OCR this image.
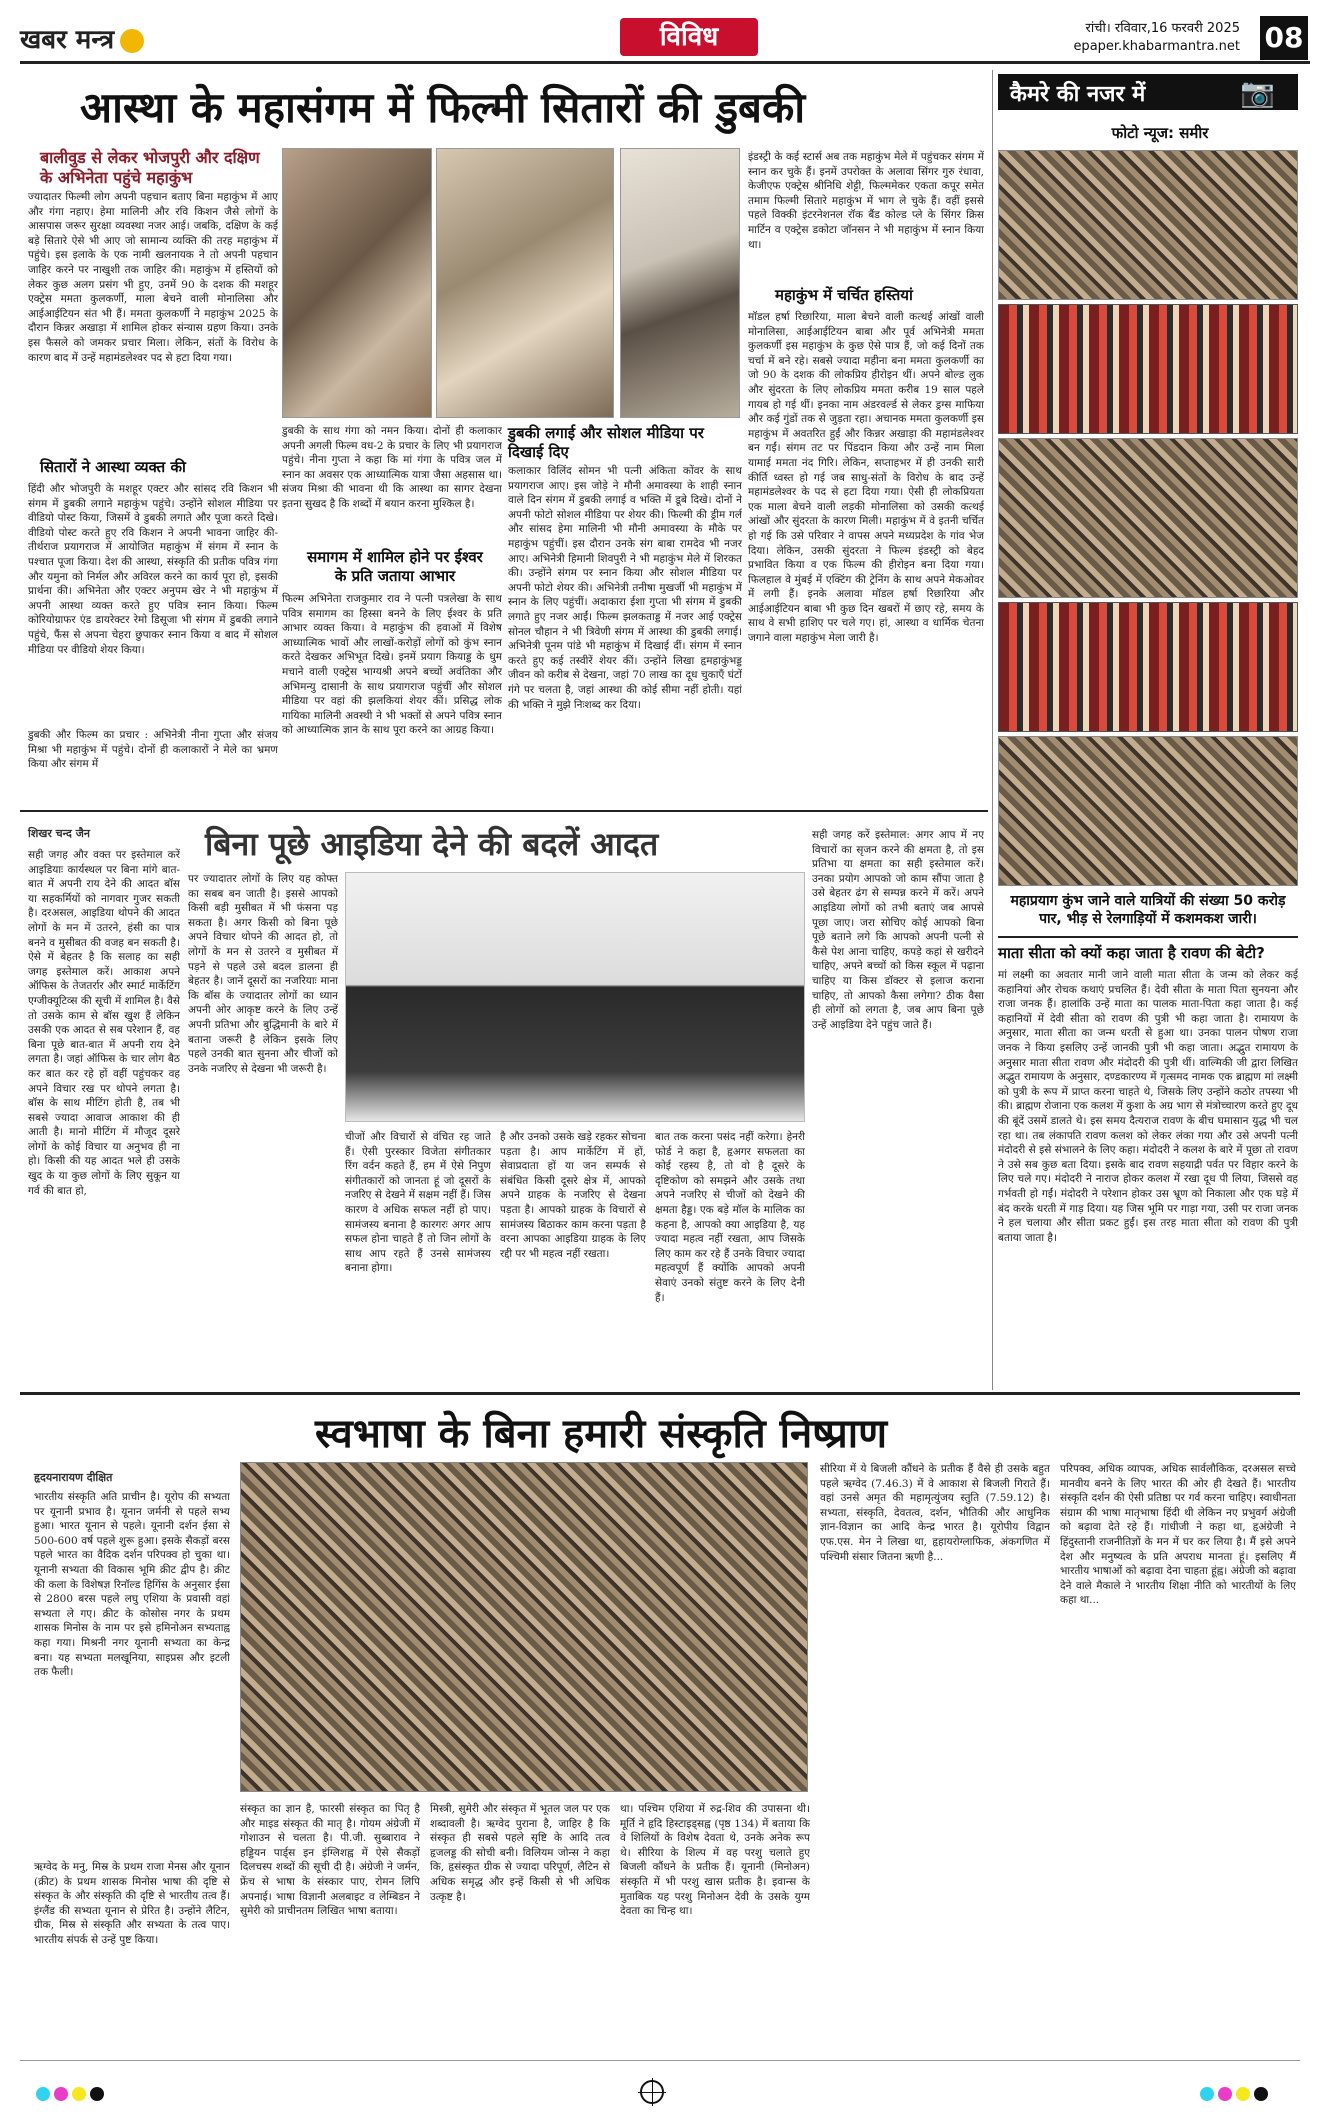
खबर मन्त्र	विविध	रांची। रविवार,16 फरवरी 2025
epaper.khabarmantra.net 08
आस्था के महासंगम में फिल्मी सितारों की डुबकी
बालीवुड से लेकर भोजपुरी और दक्षिण के अभिनेता पहुंचे महाकुंभ
ज्यादातर फिल्मी लोग अपनी पहचान बताए बिना महाकुंभ में आए और गंगा नहाए। हेमा मालिनी और रवि किशन जैसे लोगों के आसपास जरूर सुरक्षा व्यवस्था नजर आई। जबकि, दक्षिण के कई बड़े सितारे ऐसे भी आए जो सामान्य व्यक्ति की तरह महाकुंभ में पहुंचे। इस इलाके के एक नामी खलनायक ने तो अपनी पहचान जाहिर करने पर नाखुशी तक जाहिर की। महाकुंभ में हस्तियों को लेकर कुछ अलग प्रसंग भी हुए, उनमें 90 के दशक की मशहूर एक्ट्रेस ममता कुलकर्णी, माला बेचने वाली मोनालिसा और आईआईटियन संत भी हैं। ममता कुलकर्णी ने महाकुंभ 2025 के दौरान किन्नर अखाड़ा में शामिल होकर संन्यास ग्रहण किया। उनके इस फैसले को जमकर प्रचार मिला। लेकिन, संतों के विरोध के कारण बाद में उन्हें महामंडलेश्वर पद से हटा दिया गया।
सितारों ने आस्था व्यक्त की
हिंदी और भोजपुरी के मशहूर एक्टर और सांसद रवि किशन भी संगम में डुबकी लगाने महाकुंभ पहुंचे। उन्होंने सोशल मीडिया पर वीडियो पोस्ट किया, जिसमें वे डुबकी लगाते और पूजा करते दिखे। वीडियो पोस्ट करते हुए रवि किशन ने अपनी भावना जाहिर की- तीर्थराज प्रयागराज में आयोजित महाकुंभ में संगम में स्नान के पश्चात पूजा किया। देश की आस्था, संस्कृति की प्रतीक पवित्र गंगा और यमुना को निर्मल और अविरल करने का कार्य पूरा हो, इसकी प्रार्थना की। अभिनेता और एक्टर अनुपम खेर ने भी महाकुंभ में अपनी आस्था व्यक्त करते हुए पवित्र स्नान किया। फिल्म कोरियोग्राफर एंड डायरेक्टर रेमो डिसूजा भी संगम में डुबकी लगाने पहुंचे, फैंस से अपना चेहरा छुपाकर स्नान किया व बाद में सोशल मीडिया पर वीडियो शेयर किया।
डुबकी और फिल्म का प्रचार : अभिनेत्री नीना गुप्ता और संजय मिश्रा भी महाकुंभ में पहुंचे। दोनों ही कलाकारों ने मेले का भ्रमण किया और संगम में
डुबकी के साथ गंगा को नमन किया। दोनों ही कलाकार अपनी अगली फिल्म वध-2 के प्रचार के लिए भी प्रयागराज पहुंचे। नीना गुप्ता ने कहा कि मां गंगा के पवित्र जल में स्नान का अवसर एक आध्यात्मिक यात्रा जैसा अहसास था। संजय मिश्रा की भावना थी कि आस्था का सागर देखना इतना सुखद है कि शब्दों में बयान करना मुश्किल है।
समागम में शामिल होने पर ईश्वर के प्रति जताया आभार
फिल्म अभिनेता राजकुमार राव ने पत्नी पत्रलेखा के साथ पवित्र समागम का हिस्सा बनने के लिए ईश्वर के प्रति आभार व्यक्त किया। वे महाकुंभ की हवाओं में विशेष आध्यात्मिक भावों और लाखों-करोड़ों लोगों को कुंभ स्नान करते देखकर अभिभूत दिखे। इनमें प्रयाग कियाड्ड के धुम मचाने वाली एक्ट्रेस भाग्यश्री अपने बच्चों अवंतिका और अभिमन्यु दासानी के साथ प्रयागराज पहुंचीं और सोशल मीडिया पर वहां की झलकियां शेयर कीं। प्रसिद्ध लोक गायिका मालिनी अवस्थी ने भी भक्तों से अपने पवित्र स्नान को आध्यात्मिक ज्ञान के साथ पूरा करने का आग्रह किया।
डुबकी लगाई और सोशल मीडिया पर दिखाई दिए
कलाकार विलिंद सोमन भी पत्नी अंकिता कोंवर के साथ प्रयागराज आए। इस जोड़े ने मौनी अमावस्या के शाही स्नान वाले दिन संगम में डुबकी लगाई व भक्ति में डूबे दिखे। दोनों ने अपनी फोटो सोशल मीडिया पर शेयर की। फिल्मी की ड्रीम गर्ल और सांसद हेमा मालिनी भी मौनी अमावस्या के मौके पर महाकुंभ पहुंचीं। इस दौरान उनके संग बाबा रामदेव भी नजर आए। अभिनेत्री हिमानी शिवपुरी ने भी महाकुंभ मेले में शिरकत की। उन्होंने संगम पर स्नान किया और सोशल मीडिया पर अपनी फोटो शेयर की। अभिनेत्री तनीषा मुखर्जी भी महाकुंभ में स्नान के लिए पहुंचीं। अदाकारा ईशा गुप्ता भी संगम में डुबकी लगाते हुए नजर आईं। फिल्म झलकताड्ड में नजर आई एक्ट्रेस सोनल चौहान ने भी त्रिवेणी संगम में आस्था की डुबकी लगाई। अभिनेत्री पूनम पांडे भी महाकुंभ में दिखाई दीं। संगम में स्नान करते हुए कई तस्वीरें शेयर कीं। उन्होंने लिखा हृमहाकुंभड्ड जीवन को करीब से देखना, जहां 70 लाख का दूध चुकाएँ घंटों गंगे पर चलता है, जहां आस्था की कोई सीमा नहीं होती। यहां की भक्ति ने मुझे निःशब्द कर दिया।
इंडस्ट्री के कई स्टार्स अब तक महाकुंभ मेले में पहुंचकर संगम में स्नान कर चुके हैं। इनमें उपरोक्त के अलावा सिंगर गुरु रंधावा, केजीएफ एक्ट्रेस श्रीनिधि शेट्टी, फिल्ममेकर एकता कपूर समेत तमाम फिल्मी सितारे महाकुंभ में भाग ले चुके हैं। वहीं इससे पहले विक्की इंटरनेशनल रॉक बैंड कोल्ड प्ले के सिंगर क्रिस मार्टिन व एक्ट्रेस डकोटा जॉनसन ने भी महाकुंभ में स्नान किया था।
महाकुंभ में चर्चित हस्तियां
मॉडल हर्षा रिछारिया, माला बेचने वाली कत्थई आंखों वाली मोनालिसा, आईआईटियन बाबा और पूर्व अभिनेत्री ममता कुलकर्णी इस महाकुंभ के कुछ ऐसे पात्र हैं, जो कई दिनों तक चर्चा में बने रहे। सबसे ज्यादा महीना बना ममता कुलकर्णी का जो 90 के दशक की लोकप्रिय हीरोइन थीं। अपने बोल्ड लुक और सुंदरता के लिए लोकप्रिय ममता करीब 19 साल पहले गायब हो गई थीं। इनका नाम अंडरवर्ल्ड से लेकर ड्रग्स माफिया और कई गुंडों तक से जुड़ता रहा। अचानक ममता कुलकर्णी इस महाकुंभ में अवतरित हुईं और किन्नर अखाड़ा की महामंडलेश्वर बन गईं। संगम तट पर पिंडदान किया और उन्हें नाम मिला यामाई ममता नंद गिरि। लेकिन, सप्ताहभर में ही उनकी सारी कीर्ति ध्वस्त हो गई जब साधु-संतों के विरोध के बाद उन्हें महामंडलेश्वर के पद से हटा दिया गया। ऐसी ही लोकप्रियता एक माला बेचने वाली लड़की मोनालिसा को उसकी कत्थई आंखों और सुंदरता के कारण मिली। महाकुंभ में वे इतनी चर्चित हो गई कि उसे परिवार ने वापस अपने मध्यप्रदेश के गांव भेज दिया। लेकिन, उसकी सुंदरता ने फिल्म इंडस्ट्री को बेहद प्रभावित किया व एक फिल्म की हीरोइन बना दिया गया। फिलहाल वे मुंबई में एक्टिंग की ट्रेनिंग के साथ अपने मेकओवर में लगी हैं। इनके अलावा मॉडल हर्षा रिछारिया और आईआईटियन बाबा भी कुछ दिन खबरों में छाए रहे, समय के साथ वे सभी हाशिए पर चले गए। हां, आस्था व धार्मिक चेतना जगाने वाला महाकुंभ मेला जारी है।
कैमरे की नजर में	📷
फोटो न्यूज: समीर
महाप्रयाग कुंभ जाने वाले यात्रियों की संख्या 50 करोड़ पार, भीड़ से रेलगाड़ियों में कशमकश जारी।
माता सीता को क्यों कहा जाता है रावण की बेटी?
मां लक्ष्मी का अवतार मानी जाने वाली माता सीता के जन्म को लेकर कई कहानियां और रोचक कथाएं प्रचलित हैं। देवी सीता के माता पिता सुनयना और राजा जनक हैं। हालांकि उन्हें माता का पालक माता-पिता कहा जाता है। कई कहानियों में देवी सीता को रावण की पुत्री भी कहा जाता है। रामायण के अनुसार, माता सीता का जन्म धरती से हुआ था। उनका पालन पोषण राजा जनक ने किया इसलिए उन्हें जानकी पुत्री भी कहा जाता। अद्भुत रामायण के अनुसार माता सीता रावण और मंदोदरी की पुत्री थीं। वाल्मिकी जी द्वारा लिखित अद्भुत रामायण के अनुसार, दण्डकारण्य में गृत्समद नामक एक ब्राह्मण मां लक्ष्मी को पुत्री के रूप में प्राप्त करना चाहते थे, जिसके लिए उन्होंने कठोर तपस्या भी की। ब्राह्मण रोजाना एक कलश में कुशा के अग्र भाग से मंत्रोच्चारण करते हुए दूध की बूंदें उसमें डालते थे। इस समय दैत्यराज रावण के बीच घमासान युद्ध भी चल रहा था। तब लंकापति रावण कलश को लेकर लंका गया और उसे अपनी पत्नी मंदोदरी से इसे संभालने के लिए कहा। मंदोदरी ने कलश के बारे में पूछा तो रावण ने उसे सब कुछ बता दिया। इसके बाद रावण सहयाद्री पर्वत पर विहार करने के लिए चले गए। मंदोदरी ने नाराज होकर कलश में रखा दूध पी लिया, जिससे वह गर्भवती हो गईं। मंदोदरी ने परेशान होकर उस भ्रूण को निकाला और एक घड़े में बंद करके धरती में गाड़ दिया। यह जिस भूमि पर गाड़ा गया, उसी पर राजा जनक ने हल चलाया और सीता प्रकट हुईं। इस तरह माता सीता को रावण की पुत्री बताया जाता है।
शिखर चन्द जैन	बिना पूछे आइडिया देने की बदलें आदत
सही जगह और वक्त पर इस्तेमाल करें आइडियाः कार्यस्थल पर बिना मांगे बात-बात में अपनी राय देने की आदत बॉस या सहकर्मियों को नागवार गुजर सकती है। दरअसल, आइडिया थोपने की आदत लोगों के मन में उतरने, हंसी का पात्र बनने व मुसीबत की वजह बन सकती है। ऐसे में बेहतर है कि सलाह का सही जगह इस्तेमाल करें। आकाश अपने ऑफिस के तेजतर्रार और स्मार्ट मार्केटिंग एग्जीक्यूटिव्स की सूची में शामिल है। वैसे तो उसके काम से बॉस खुश हैं लेकिन उसकी एक आदत से सब परेशान हैं, वह बिना पूछे बात-बात में अपनी राय देने लगता है। जहां ऑफिस के चार लोग बैठ कर बात कर रहे हों वहीं पहुंचकर वह अपने विचार रख पर थोपने लगता है। बॉस के साथ मीटिंग होती है, तब भी सबसे ज्यादा आवाज आकाश की ही आती है। मानो मीटिंग में मौजूद दूसरे लोगों के कोई विचार या अनुभव ही ना हो। किसी की यह आदत भले ही उसके खुद के या कुछ लोगों के लिए सुकून या गर्व की बात हो,
पर ज्यादातर लोगों के लिए यह कोफ्त का सबब बन जाती है। इससे आपको किसी बड़ी मुसीबत में भी फंसना पड़ सकता है। अगर किसी को बिना पूछे अपने विचार थोपने की आदत हो, तो लोगों के मन से उतरने व मुसीबत में पड़ने से पहले उसे बदल डालना ही बेहतर है। जानें दूसरों का नजरियाः माना कि बॉस के ज्यादातर लोगों का ध्यान अपनी ओर आकृष्ट करने के लिए उन्हें अपनी प्रतिभा और बुद्धिमानी के बारे में बताना जरूरी है लेकिन इसके लिए पहले उनकी बात सुनना और चीजों को उनके नजरिए से देखना भी जरूरी है।
चीजों और विचारों से वंचित रह जाते हैं। ऐसी पुरस्कार विजेता संगीतकार रिंग वर्दन कहते हैं, हम में ऐसे निपुण संगीतकारों को जानता हूं जो दूसरों के नजरिए से देखने में सक्षम नहीं हैं। जिस कारण वे अधिक सफल नहीं हो पाए। सामंजस्य बनाना है कारगरः अगर आप सफल होना चाहते हैं तो जिन लोगों के साथ आप रहते हैं उनसे सामंजस्य बनाना होगा।
है और उनको उसके खड़े रहकर सोचना पड़ता है। आप मार्केटिंग में हों, सेवाप्रदाता हों या जन सम्पर्क से संबंधित किसी दूसरे क्षेत्र में, आपको अपने ग्राहक के नजरिए से देखना पड़ता है। आपको ग्राहक के विचारों से सामंजस्य बिठाकर काम करना पड़ता है वरना आपका आइडिया ग्राहक के लिए रद्दी पर भी महत्व नहीं रखता।
बात तक करना पसंद नहीं करेगा। हेनरी फोर्ड ने कहा है, हृअगर सफलता का कोई रहस्य है, तो वो है दूसरे के दृष्टिकोण को समझने और उसके तथा अपने नजरिए से चीजों को देखने की क्षमता हैड्ड। एक बड़े मॉल के मालिक का कहना है, आपको क्या आइडिया है, यह ज्यादा महत्व नहीं रखता, आप जिसके लिए काम कर रहे हैं उनके विचार ज्यादा महत्वपूर्ण हैं क्योंकि आपको अपनी सेवाएं उनको संतुष्ट करने के लिए देनी हैं।
सही जगह करें इस्तेमाल: अगर आप में नए विचारों का सृजन करने की क्षमता है, तो इस प्रतिभा या क्षमता का सही इस्तेमाल करें। उनका प्रयोग आपको जो काम सौंपा जाता है उसे बेहतर ढंग से सम्पन्न करने में करें। अपने आइडिया लोगों को तभी बताएं जब आपसे पूछा जाए। जरा सोचिए कोई आपको बिना पूछे बताने लगे कि आपको अपनी पत्नी से कैसे पेश आना चाहिए, कपड़े कहां से खरीदने चाहिए, अपने बच्चों को किस स्कूल में पढ़ाना चाहिए या किस डॉक्टर से इलाज कराना चाहिए, तो आपको कैसा लगेगा? ठीक वैसा ही लोगों को लगता है, जब आप बिना पूछे उन्हें आइडिया देने पहुंच जाते हैं।
स्वभाषा के बिना हमारी संस्कृति निष्प्राण
हृदयनारायण दीक्षित
भारतीय संस्कृति अति प्राचीन है। यूरोप की सभ्यता पर यूनानी प्रभाव है। यूनान जर्मनी से पहले सभ्य हुआ। भारत यूनान से पहले। यूनानी दर्शन ईसा से 500-600 वर्ष पहले शुरू हुआ। इसके सैकड़ों बरस पहले भारत का वैदिक दर्शन परिपक्व हो चुका था। यूनानी सभ्यता की विकास भूमि क्रीट द्वीप है। क्रीट की कला के विशेषज्ञ रिनॉल्ड हिगिंस के अनुसार ईसा से 2800 बरस पहले लघु एशिया के प्रवासी वहां सभ्यता ले गए। क्रीट के कोसोस नगर के प्रथम शासक मिनोस के नाम पर इसे हमिनोअन सभ्यताह्व कहा गया। मिश्रनी नगर यूनानी सभ्यता का केन्द्र बना। यह सभ्यता मलखूनिया, साइप्रस और इटली तक फैली।
ऋग्वेद के मनु, मिस्र के प्रथम राजा मेनस और यूनान (क्रीट) के प्रथम शासक मिनोस भाषा की दृष्टि से संस्कृत के और संस्कृति की दृष्टि से भारतीय तत्व हैं। इंग्लैंड की सभ्यता यूनान से प्रेरित है। उन्होंने लैटिन, ग्रीक, मिस्र से संस्कृति और सभ्यता के तत्व पाए। भारतीय संपर्क से उन्हें पुष्ट किया।
संस्कृत का ज्ञान है, फारसी संस्कृत का पितृ है और माइड संस्कृत की मातृ है। गोयम अंग्रेजी में गोशाउन से चलता है। पी.जी. सुब्बाराव ने हड्डियन पार्ड्स इन इंग्लिशह्व में ऐसे सैकड़ों दिलचस्प शब्दों की सूची दी है। अंग्रेजी ने जर्मन, फ्रेंच से भाषा के संस्कार पाए, रोमन लिपि अपनाई। भाषा विज्ञानी अलबाइट व लेम्बिडन ने सुमेरी को प्राचीनतम लिखित भाषा बताया।
मिस्त्री, सुमेरी और संस्कृत में भूतल जल पर एक शब्दावली है। ऋग्वेद पुराना है, जाहिर है कि संस्कृत ही सबसे पहले सृष्टि के आदि तत्व हृजलड्ड की सोची बनी। विलियम जोन्स ने कहा कि, हृसंस्कृत ग्रीक से ज्यादा परिपूर्ण, लैटिन से अधिक समृद्ध और इन्हें किसी से भी अधिक उत्कृष्ट है।
था। पश्चिम एशिया में रुद्र-शिव की उपासना थी। मूर्ति ने हृदि हिस्टाइड्सह्व (पृष्ठ 134) में बताया कि वे शिलियों के विशेष देवता थे, उनके अनेक रूप थे। सीरिया के शिल्प में वह परशु चलाते हुए बिजली कौंधने के प्रतीक हैं। यूनानी (मिनोअन) संस्कृति में भी परशु खास प्रतीक है। इवान्स के मुताबिक यह परशु मिनोअन देवी के उसके युग्म देवता का चिन्ह था।
सीरिया में ये बिजली कौंधने के प्रतीक हैं वैसे ही उसके बहुत पहले ऋग्वेद (7.46.3) में वे आकाश से बिजली गिराते हैं। वहां उनसे अमृत की महामृत्युंजय स्तुति (7.59.12) है। सभ्यता, संस्कृति, देवतत्व, दर्शन, भौतिकी और आधुनिक ज्ञान-विज्ञान का आदि केन्द्र भारत है। यूरोपीय विद्वान एफ.एस. मेन ने लिखा था, हृहायरोग्लाफिक, अंकगणित में पश्चिमी संसार जितना ऋणी है...
परिपक्व, अधिक व्यापक, अधिक सार्वलौकिक, दरअसल सच्चे मानवीय बनने के लिए भारत की ओर ही देखते हैं। भारतीय संस्कृति दर्शन की ऐसी प्रतिष्ठा पर गर्व करना चाहिए। स्वाधीनता संग्राम की भाषा मातृभाषा हिंदी थी लेकिन नए प्रभुवर्ग अंग्रेजी को बढ़ावा देते रहे हैं। गांधीजी ने कहा था, हृअंग्रेजी ने हिंदुस्तानी राजनीतिज्ञों के मन में घर कर लिया है। मैं इसे अपने देश और मनुष्यत्व के प्रति अपराध मानता हूं। इसलिए मैं भारतीय भाषाओं को बढ़ावा देना चाहता हूंह्व। अंग्रेजी को बढ़ावा देने वाले मैकाले ने भारतीय शिक्षा नीति को भारतीयों के लिए कहा था...
